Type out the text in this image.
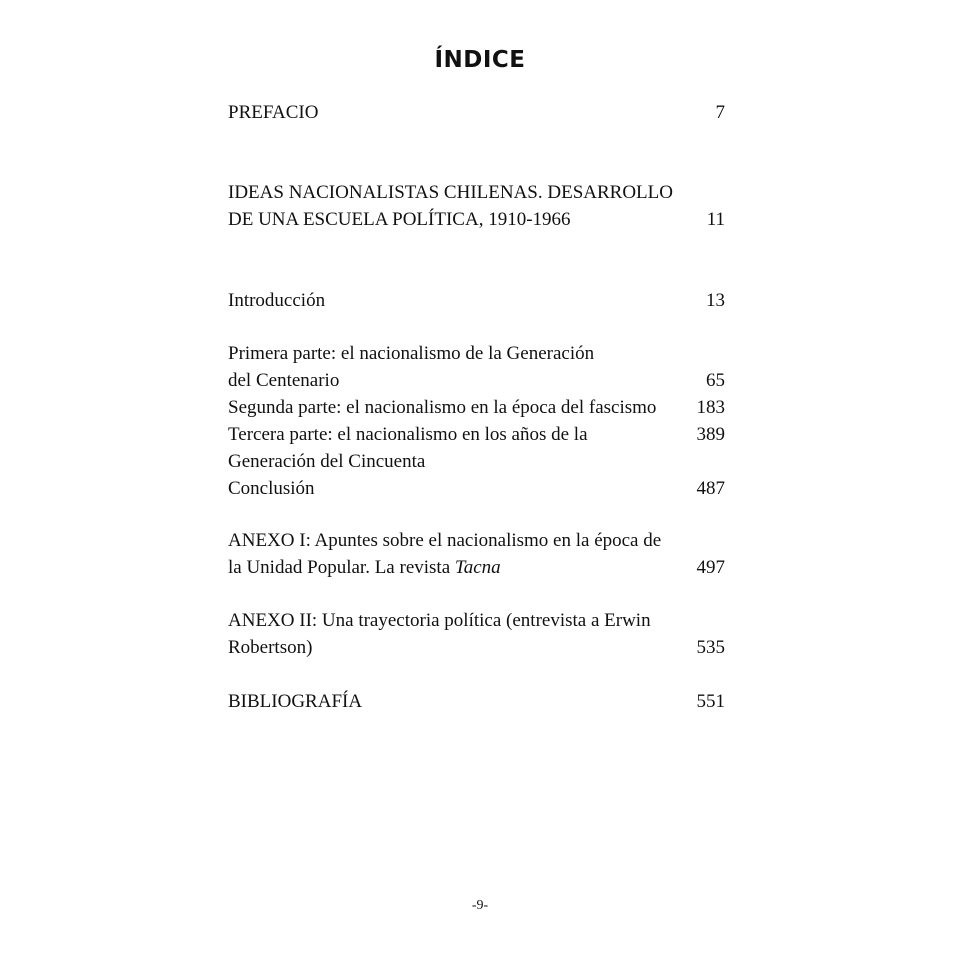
ÍNDICE
PREFACIO	7
IDEAS NACIONALISTAS CHILENAS. DESARROLLO
DE UNA ESCUELA POLÍTICA, 1910-1966	11
Introducción	13
Primera parte: el nacionalismo de la Generación
del Centenario	65
Segunda parte: el nacionalismo en la época del fascismo 183
Tercera parte: el nacionalismo en los años de la	389
Generación del Cincuenta
Conclusión	487
ANEXO I: Apuntes sobre el nacionalismo en la época de
la Unidad Popular. La revista Tacna	497
ANEXO II: Una trayectoria política (entrevista a Erwin
Robertson)	535
BIBLIOGRAFÍA	551
-9-
